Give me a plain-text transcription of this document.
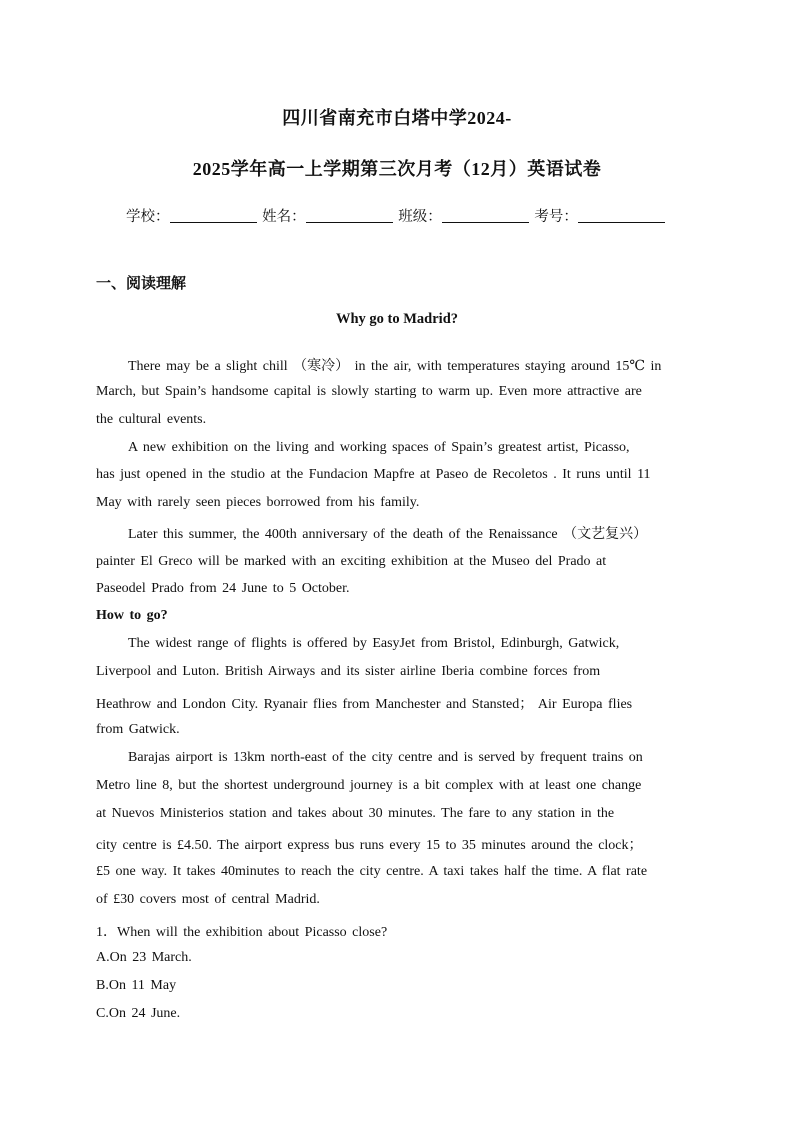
四川省南充市白塔中学2024-
2025学年高一上学期第三次月考（12月）英语试卷
学校：	姓名：	班级：	考号：
一、阅读理解
Why go to Madrid?
There may be a slight chill （寒冷） in the air, with temperatures staying around 15℃ in
March, but Spain’s handsome capital is slowly starting to warm up. Even more attractive are
the cultural events.
A new exhibition on the living and working spaces of Spain’s greatest artist, Picasso,
has just opened in the studio at the Fundacion Mapfre at Paseo de Recoletos . It runs until 11
May with rarely seen pieces borrowed from his family.
Later this summer, the 400th anniversary of the death of the Renaissance （文艺复兴）
painter El Greco will be marked with an exciting exhibition at the Museo del Prado at
Paseodel Prado from 24 June to 5 October.
How to go?
The widest range of flights is offered by EasyJet from Bristol, Edinburgh, Gatwick,
Liverpool and Luton. British Airways and its sister airline Iberia combine forces from
Heathrow and London City. Ryanair flies from Manchester and Stansted； Air Europa flies
from Gatwick.
Barajas airport is 13km north-east of the city centre and is served by frequent trains on
Metro line 8, but the shortest underground journey is a bit complex with at least one change
at Nuevos Ministerios station and takes about 30 minutes. The fare to any station in the
city centre is £4.50. The airport express bus runs every 15 to 35 minutes around the clock；
£5 one way. It takes 40minutes to reach the city centre. A taxi takes half the time. A flat rate
of £30 covers most of central Madrid.
1．When will the exhibition about Picasso close?
A.On 23 March.
B.On 11 May
C.On 24 June.
